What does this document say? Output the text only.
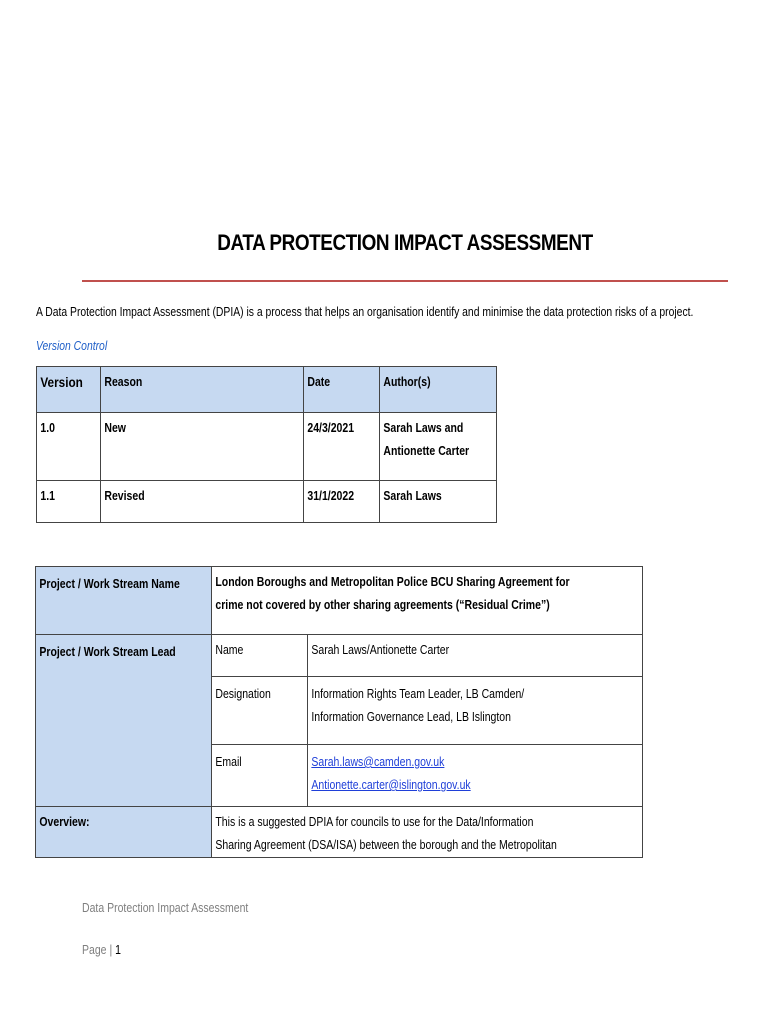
DATA PROTECTION IMPACT ASSESSMENT
A Data Protection Impact Assessment (DPIA) is a process that helps an organisation identify and minimise the data protection risks of a project.
Version Control
Version	Reason	Date	Author(s)

1.0	New	24/3/2021	Sarah Laws and
Antionette Carter

1.1	Revised	31/1/2022	Sarah Laws
Project / Work Stream Name	London Boroughs and Metropolitan Police BCU Sharing Agreement for
crime not covered by other sharing agreements (“Residual Crime”)	

Project / Work Stream Lead	Name	Sarah Laws/Antionette Carter

	Designation	Information Rights Team Leader, LB Camden/
Information Governance Lead, LB Islington

	Email	Sarah.laws@camden.gov.uk
Antionette.carter@islington.gov.uk

Overview:	This is a suggested DPIA for councils to use for the Data/Information
Sharing Agreement (DSA/ISA) between the borough and the Metropolitan	
Data Protection Impact Assessment
Page | 1
